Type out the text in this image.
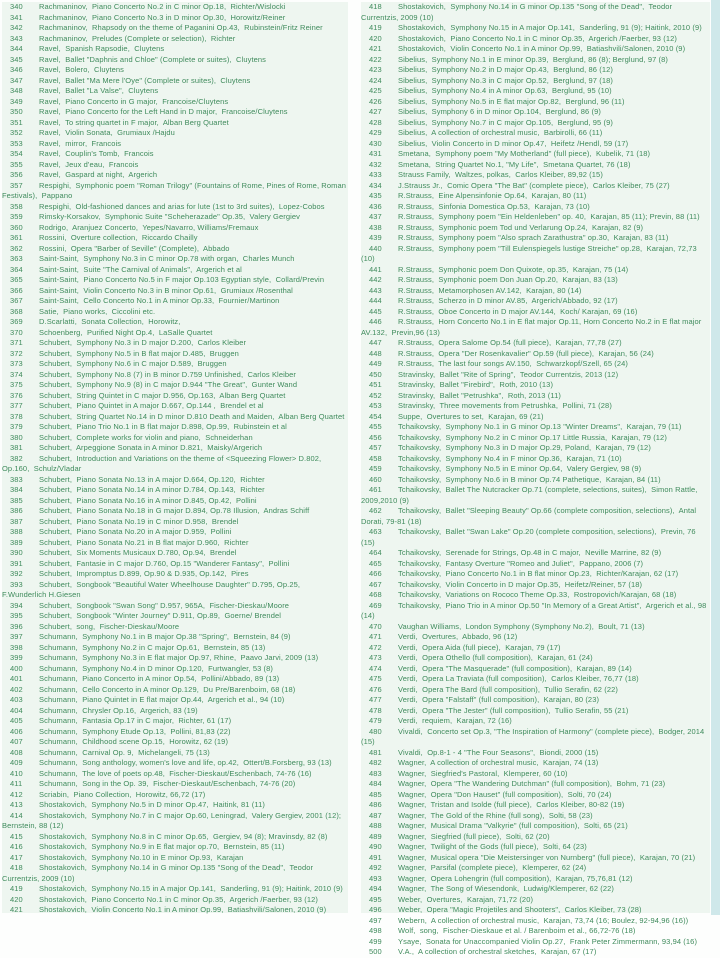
340 Rachmaninov,  Piano Concerto No.2 in C minor Op.18,  Richter/Wislocki
341 Rachmaninov,  Piano Concerto No.3 in D minor Op.30,  Horowitz/Reiner
342 Rachmaninov,  Rhapsody on the theme of Paganini Op.43,  Rubinstein/Fritz Reiner
343 Rachmaninov,  Preludes (Complete or selection),  Richter
344 Ravel,  Spanish Rapsodie,  Cluytens
345 Ravel,  Ballet "Daphnis and Chloe" (Complete or suites),  Cluytens
346 Ravel,  Bolero,  Cluytens
347 Ravel,  Ballet "Ma Mere l'Oye" (Complete or suites),  Cluytens
348 Ravel,  Ballet "La Valse",  Cluytens
349 Ravel,  Piano Concerto in G major,  Francoise/Cluytens
350 Ravel,  Piano Concerto for the Left Hand in D major,  Francoise/Cluytens
351 Ravel,  To string quartet in F major,  Alban Berg Quartet
352 Ravel,  Violin Sonata,  Grumiaux /Hajdu
353 Ravel,  mirror,  Francois
354 Ravel,  Couplin's Tomb,  Francois
355 Ravel,  Jeux d'eau,  Francois
356 Ravel,  Gaspard at night,  Argerich
357 Respighi,  Symphonic poem "Roman Trilogy" (Fountains of Rome, Pines of Rome, Roman Festivals),  Pappano
358 Respighi,  Old-fashioned dances and arias for lute (1st to 3rd suites),  Lopez-Cobos
359 Rimsky-Korsakov,  Symphonic Suite "Scheherazade" Op.35,  Valery Gergiev
360 Rodrigo,  Aranjuez Concerto,  Yepes/Navarro, Williams/Fremaux
361 Rossini,  Overture collection,  Riccardo Chailly
362 Rossini,  Opera "Barber of Seville" (Complete),  Abbado
363 Saint-Saint,  Symphony No.3 in C minor Op.78 with organ,  Charles Munch
364 Saint-Saint,  Suite "The Carnival of Animals",  Argerich et al
365 Saint-Saint,  Piano Concerto No.5 in F major Op.103 Egyptian style,  Collard/Previn
366 Saint-Saint,  Violin Concerto No.3 in B minor Op.61,  Grumiaux /Rosenthal
367 Saint-Saint,  Cello Concerto No.1 in A minor Op.33,  Fournier/Martinon
368 Satie,  Piano works,  Ciccolini etc.
369 D.Scarlatti,  Sonata Collection,  Horowitz,
370 Schoenberg,  Purified Night Op.4,  LaSalle Quartet
371 Schubert,  Symphony No.3 in D major D.200,  Carlos Kleiber
372 Schubert,  Symphony No.5 in B flat major D.485,  Bruggen
373 Schubert,  Symphony No.6 in C major D.589,  Bruggen
374 Schubert,  Symphony No.8 (7) in B minor D.759 Unfinished,  Carlos Kleiber
375 Schubert,  Symphony No.9 (8) in C major D.944 "The Great",  Gunter Wand
376 Schubert,  String Quintet in C major D.956, Op.163,  Alban Berg Quartet
377 Schubert,  Piano Quintet in A major D.667, Op.144 ,  Brendel et al
378 Schubert,  String Quartet No.14 in D minor D.810 Death and Maiden,  Alban Berg Quartet
379 Schubert,  Piano Trio No.1 in B flat major D.898, Op.99,  Rubinstein et al
380 Schubert,  Complete works for violin and piano,  Schneiderhan
381 Schubert,  Arpeggione Sonata in A minor D.821,  Maisky/Argerich
382 Schubert,  Introduction and Variations on the theme of <Squeezing Flower> D.802, Op.160,  Schulz/Vladar
383 Schubert,  Piano Sonata No.13 in A major D.664, Op.120,  Richter
384 Schubert,  Piano Sonata No.14 in A minor D.784, Op.143,  Richter
385 Schubert,  Piano Sonata No.16 in A minor D.845, Op.42,  Pollini
386 Schubert,  Piano Sonata No.18 in G major D.894, Op.78 Illusion,  Andras Schiff
387 Schubert,  Piano Sonata No.19 in C minor D.958,  Brendel
388 Schubert,  Piano Sonata No.20 in A major D.959,  Pollini
389 Schubert,  Piano Sonata No.21 in B flat major D.960,  Richter
390 Schubert,  Six Moments Musicaux D.780, Op.94,  Brendel
391 Schubert,  Fantasie in C major D.760, Op.15 "Wanderer Fantasy",  Pollini
392 Schubert,  Impromptus D.899, Op.90 & D.935, Op.142,  Pires
393 Schubert,  Songbook "Beautiful Water Wheelhouse Daughter" D.795, Op.25,  F.Wunderlich H.Giesen
394 Schubert,  Songbook "Swan Song" D.957, 965A,  Fischer-Dieskau/Moore
395 Schubert,  Songbook "Winter Journey" D.911, Op.89,  Goerne/ Brendel
396 Schubert,  song,  Fischer-Dieskau/Moore
397 Schumann,  Symphony No.1 in B major Op.38 "Spring",  Bernstein, 84 (9)
398 Schumann,  Symphony No.2 in C major Op.61,  Bernstein, 85 (13)
399 Schumann,  Symphony No.3 in E flat major Op.97, Rhine,  Paavo Jarvi, 2009 (13)
400 Schumann,  Symphony No.4 in D minor Op.120,  Furtwangler, 53 (8)
401 Schumann,  Piano Concerto in A minor Op.54,  Pollini/Abbado, 89 (13)
402 Schumann,  Cello Concerto in A minor Op.129,  Du Pre/Barenboim, 68 (18)
403 Schumann,  Piano Quintet in E flat major Op.44,  Argerich et al., 94 (10)
404 Schumann,  Chrysler Op.16,  Argerich, 83 (19)
405 Schumann,  Fantasia Op.17 in C major,  Richter, 61 (17)
406 Schumann,  Symphony Etude Op.13,  Pollini, 81,83 (22)
407 Schumann,  Childhood scene Op.15,  Horowitz, 62 (19)
408 Schumann,  Carnival Op. 9,  Michelangeli, 75 (13)
409 Schumann,  Song anthology, women's love and life, op.42,  Ottert/B.Forsberg, 93 (13)
410 Schumann,  The love of poets op.48,  Fischer-Dieskaut/Eschenbach, 74-76 (16)
411 Schumann,  Song in the Op. 39,  Fischer-Dieskaut/Eschenbach, 74-76 (20)
412 Scriabin,  Piano Collection,  Horowitz, 66,72 (17)
413 Shostakovich,  Symphony No.5 in D minor Op.47,  Haitink, 81 (11)
414 Shostakovich,  Symphony No.7 in C major Op.60, Leningrad,  Valery Gergiev, 2001 (12); Bernstein, 88 (12)
415 Shostakovich,  Symphony No.8 in C minor Op.65,  Gergiev, 94 (8); Mravinsdy, 82 (8)
416 Shostakovich,  Symphony No.9 in E flat major op.70,  Bernstein, 85 (11)
417 Shostakovich,  Symphony No.10 in E minor Op.93,  Karajan
418 Shostakovich,  Symphony No.14 in G minor Op.135 "Song of the Dead",  Teodor Currentzis, 2009 (10)
419 Shostakovich,  Symphony No.15 in A major Op.141,  Sanderling, 91 (9); Haitink, 2010 (9)
420 Shostakovich,  Piano Concerto No.1 in C minor Op.35,  Argerich /Faerber, 93 (12)
421 Shostakovich,  Violin Concerto No.1 in A minor Op.99,  Batiashvili/Salonen, 2010 (9)
418 Shostakovich,  Symphony No.14 in G minor Op.135 "Song of the Dead",  Teodor Currentzis, 2009 (10)
419 Shostakovich,  Symphony No.15 in A major Op.141,  Sanderling, 91 (9); Haitink, 2010 (9)
420 Shostakovich,  Piano Concerto No.1 in C minor Op.35,  Argerich /Faerber, 93 (12)
421 Shostakovich,  Violin Concerto No.1 in A minor Op.99,  Batiashvili/Salonen, 2010 (9)
422 Sibelius,  Symphony No.1 in E minor Op.39,  Berglund, 86 (8); Berglund, 97 (8)
423 Sibelius,  Symphony No.2 in D major Op.43,  Berglund, 86 (12)
424 Sibelius,  Symphony No.3 in C major Op.52,  Berglund, 97 (18)
425 Sibelius,  Symphony No.4 in A minor Op.63,  Berglund, 95 (10)
426 Sibelius,  Symphony No.5 in E flat major Op.82,  Berglund, 96 (11)
427 Sibelius,  Symphony 6 in D minor Op.104,  Berglund, 86 (9)
428 Sibelius,  Symphony No.7 in C major Op.105,  Berglund, 95 (9)
429 Sibelius,  A collection of orchestral music,  Barbirolli, 66 (11)
430 Sibelius,  Violin Concerto in D minor Op.47,  Heifetz /Hendl, 59 (17)
431 Smetana,  Symphony poem "My Motherland" (full piece),  Kubelik, 71 (18)
432 Smetana,  String Quartet No.1, "My Life",  Smetana Quartet, 76 (18)
433 Strauss Family,  Waltzes, polkas,  Carlos Kleiber, 89,92 (15)
434 J.Strauss Jr.,  Comic Opera "The Bat" (complete piece),  Carlos Kleiber, 75 (27)
435 R.Strauss,  Eine Alpensinfonie Op.64,  Karajan, 80 (11)
436 R.Strauss,  Sinfonia Domestica Op.53,  Karajan, 73 (10)
437 R.Strauss,  Symphony poem "Ein Heldenleben" op. 40,  Karajan, 85 (11); Previn, 88 (11)
438 R.Strauss,  Symphonic poem Tod und Verlarung Op.24,  Karajan, 82 (9)
439 R.Strauss,  Symphony poem "Also sprach Zarathustra" op.30,  Karajan, 83 (11)
440 R.Strauss,  Symphony poem "Till Eulenspiegels lustige Streiche" op.28,  Karajan, 72,73 (10)
441 R.Strauss,  Symphonic poem Don Quixote, op.35,  Karajan, 75 (14)
442 R.Strauss,  Symphonic poem Don Juan Op.20,  Karajan, 83 (13)
443 R.Strauss,  Metamorphosen AV.142,  Karajan, 80 (14)
444 R.Strauss,  Scherzo in D minor AV.85,  Argerich/Abbado, 92 (17)
445 R.Strauss,  Oboe Concerto in D major AV.144,  Koch/ Karajan, 69 (16)
446 R.Strauss,  Horn Concerto No.1 in E flat major Op.11, Horn Concerto No.2 in E flat major AV.132,  Previn,96 (13)
447 R.Strauss,  Opera Salome Op.54 (full piece),  Karajan, 77,78 (27)
448 R.Strauss,  Opera "Der Rosenkavalier" Op.59 (full piece),  Karajan, 56 (24)
449 R.Strauss,  The last four songs AV.150,  Schwarzkopf/Szell, 65 (24)
450 Stravinsky,  Ballet "Rite of Spring",  Teodor Currentzis, 2013 (12)
451 Stravinsky,  Ballet "Firebird",  Roth, 2010 (13)
452 Stravinsky,  Ballet "Petrushka",  Roth, 2013 (11)
453 Stravinsky,  Three movements from Petrushka,  Pollini, 71 (28)
454 Suppe,  Overtures to set,  Karajan, 69 (21)
455 Tchaikovsky,  Symphony No.1 in G minor Op.13 "Winter Dreams",  Karajan, 79 (11)
456 Tchaikovsky,  Symphony No.2 in C minor Op.17 Little Russia,  Karajan, 79 (12)
457 Tchaikovsky,  Symphony No.3 in D major Op.29, Poland,  Karajan, 79 (12)
458 Tchaikovsky,  Symphony No.4 in F minor Op.36,  Karajan, 71 (10)
459 Tchaikovsky,  Symphony No.5 in E minor Op.64,  Valery Gergiev, 98 (9)
460 Tchaikovsky,  Symphony No.6 in B minor Op.74 Pathetique,  Karajan, 84 (11)
461 Tchaikovsky,  Ballet The Nutcracker Op.71 (complete, selections, suites),  Simon Rattle, 2009,2010 (9)
462 Tchaikovsky,  Ballet "Sleeping Beauty" Op.66 (complete composition, selections),  Antal Dorati, 79-81 (18)
463 Tchaikovsky,  Ballet "Swan Lake" Op.20 (complete composition, selections),  Previn, 76 (15)
464 Tchaikovsky,  Serenade for Strings, Op.48 in C major,  Neville Marrine, 82 (9)
465 Tchaikovsky,  Fantasy Overture "Romeo and Juliet",  Pappano, 2006 (7)
466 Tchaikovsky,  Piano Concerto No.1 in B flat minor Op.23,  Richter/Karajan, 62 (17)
467 Tchaikovsky,  Violin Concerto in D major Op.35,  Heifetz/Reiner, 57 (18)
468 Tchaikovsky,  Variations on Rococo Theme Op.33,  Rostropovich/Karajan, 68 (18)
469 Tchaikovsky,  Piano Trio in A minor Op.50 "In Memory of a Great Artist",  Argerich et al., 98 (14)
470 Vaughan Williams,  London Symphony (Symphony No.2),  Boult, 71 (13)
471 Verdi,  Overtures,  Abbado, 96 (12)
472 Verdi,  Opera Aida (full piece),  Karajan, 79 (17)
473 Verdi,  Opera Othello (full composition),  Karajan, 61 (24)
474 Verdi,  Opera "The Masquerade" (full composition),  Karajan, 89 (14)
475 Verdi,  Opera La Traviata (full composition),  Carlos Kleiber, 76,77 (18)
476 Verdi,  Opera The Bard (full composition),  Tullio Serafin, 62 (22)
477 Verdi,  Opera "Falstaff" (full composition),  Karajan, 80 (23)
478 Verdi,  Opera "The Jester" (full composition),  Tullio Serafin, 55 (21)
479 Verdi,  requiem,  Karajan, 72 (16)
480 Vivaldi,  Concerto set Op.3, "The Inspiration of Harmony" (complete piece),  Bodger, 2014 (15)
481 Vivaldi,  Op.8-1 - 4 "The Four Seasons",  Biondi, 2000 (15)
482 Wagner,  A collection of orchestral music,  Karajan, 74 (13)
483 Wagner,  Siegfried's Pastoral,  Klemperer, 60 (10)
484 Wagner,  Opera "The Wandering Dutchman" (full composition),  Bohm, 71 (23)
485 Wagner,  Opera "Don Hauset" (full composition),  Solti, 70 (24)
486 Wagner,  Tristan and Isolde (full piece),  Carlos Kleiber, 80-82 (19)
487 Wagner,  The Gold of the Rhine (full song),  Solti, 58 (23)
488 Wagner,  Musical Drama "Valkyrie" (full composition),  Solti, 65 (21)
489 Wagner,  Siegfried (full piece),  Solti, 62 (20)
490 Wagner,  Twilight of the Gods (full piece),  Solti, 64 (23)
491 Wagner,  Musical opera "Die Meistersinger von Nurnberg" (full piece),  Karajan, 70 (21)
492 Wagner,  Parsifal (complete piece),  Klemperer, 62 (24)
493 Wagner,  Opera Lohengrin (full composition),  Karajan, 75,76,81 (12)
494 Wagner,  The Song of Wiesendonk,  Ludwig/Klemperer, 62 (22)
495 Weber,  Overtures,  Karajan, 71,72 (20)
496 Weber,  Opera "Magic Projetiles and Shooters",  Carlos Kleiber, 73 (28)
497 Webern,  A collection of orchestral music,  Karajan, 73,74 (16; Boulez, 92-94,96 (16))
498 Wolf,  song,  Fischer-Dieskaue et al. / Barenboim et al., 66,72-76 (18)
499 Ysaye,  Sonata for Unaccompanied Violin Op.27,  Frank Peter Zimmermann, 93,94 (16)
500 V.A.,  A collection of orchestral sketches,  Karajan, 67 (17)
